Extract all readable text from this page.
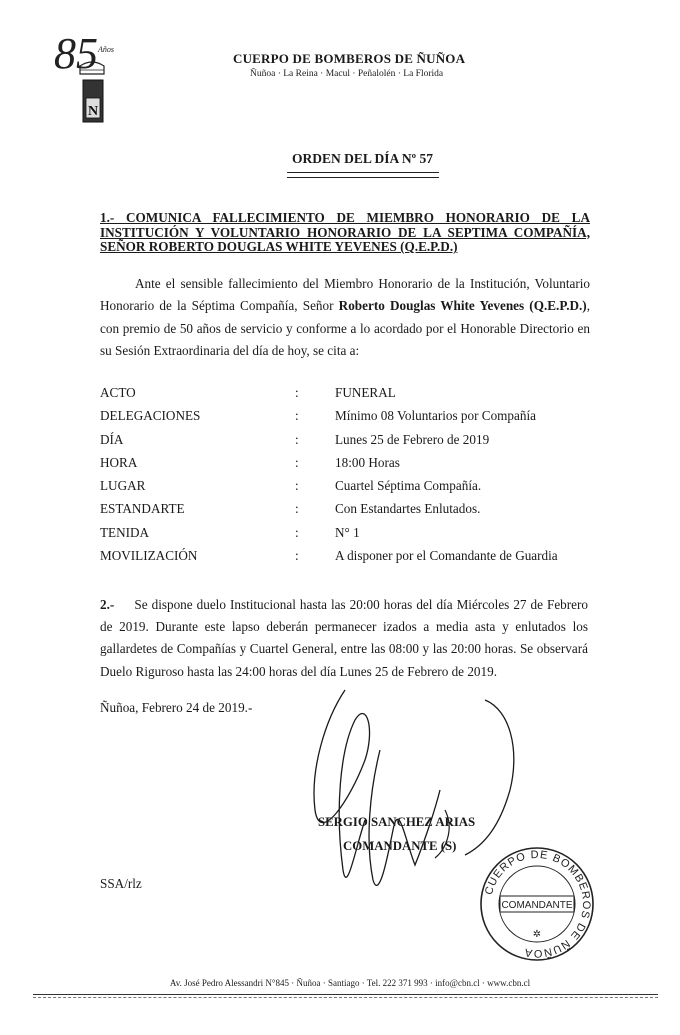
85 Años
N
CUERPO DE BOMBEROS DE ÑUÑOA
Ñuñoa · La Reina · Macul · Peñalolén · La Florida
ORDEN DEL DÍA Nº 57
1.- COMUNICA FALLECIMIENTO DE MIEMBRO HONORARIO DE LA
INSTITUCIÓN Y VOLUNTARIO HONORARIO DE LA SEPTIMA COMPAÑÍA,
SEÑOR ROBERTO DOUGLAS WHITE YEVENES (Q.E.P.D.)
Ante el sensible fallecimiento del Miembro Honorario de la Institución, Voluntario Honorario de la Séptima Compañía, Señor Roberto Douglas White Yevenes (Q.E.P.D.), con premio de 50 años de servicio y conforme a lo acordado por el Honorable Directorio en su Sesión Extraordinaria del día de hoy, se cita a:
ACTO	:	FUNERAL
DELEGACIONES	:	Mínimo 08 Voluntarios por Compañía
DÍA	:	Lunes 25 de Febrero de 2019
HORA	:	18:00 Horas
LUGAR	:	Cuartel Séptima Compañía.
ESTANDARTE	:	Con Estandartes Enlutados.
TENIDA	:	N° 1
MOVILIZACIÓN	:	A disponer por el Comandante de Guardia
2.- Se dispone duelo Institucional hasta las 20:00 horas del día Miércoles 27 de Febrero de 2019. Durante este lapso deberán permanecer izados a media asta y enlutados los gallardetes de Compañías y Cuartel General, entre las 08:00 y las 20:00 horas. Se observará Duelo Riguroso hasta las 24:00 horas del día Lunes 25 de Febrero de 2019.
Ñuñoa, Febrero 24 de 2019.-
SERGIO SANCHEZ ARIAS
COMANDANTE (S)
SSA/rlz	CUERPO DE BOMBEROS DE ÑUÑOA
COMANDANTE
✲
Av. José Pedro Alessandri N°845 · Ñuñoa · Santiago · Tel. 222 371 993 · info@cbn.cl · www.cbn.cl
